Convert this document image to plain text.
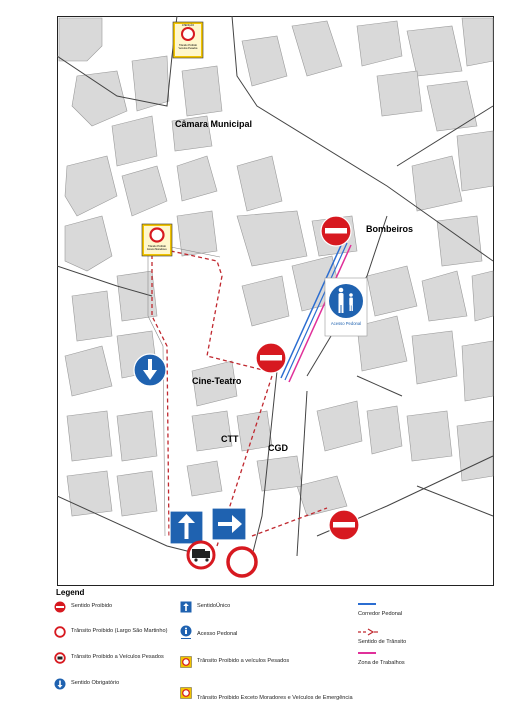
ATENÇÃO
Trânsito Proibido
Veículos Pesados
Trânsito Proibido
Exceto Moradores
Acesso Pedonal
Câmara Municipal
Bombeiros
Cine-Teatro
CTT
CGD
Legend
Sentido Proibido
Trânsito Proibido (Largo São Martinho)
Trânsito Proibido a Veículos Pesados
Sentido Obrigatório
SentidoÚnico
Acesso Pedonal
Trânsito Proibido a veículos Pesados
Trânsito Proibido Exceto Moradores e Veículos de Emergência
Corredor Pedonal
Sentido de Trânsito
Zona de Trabalhos
